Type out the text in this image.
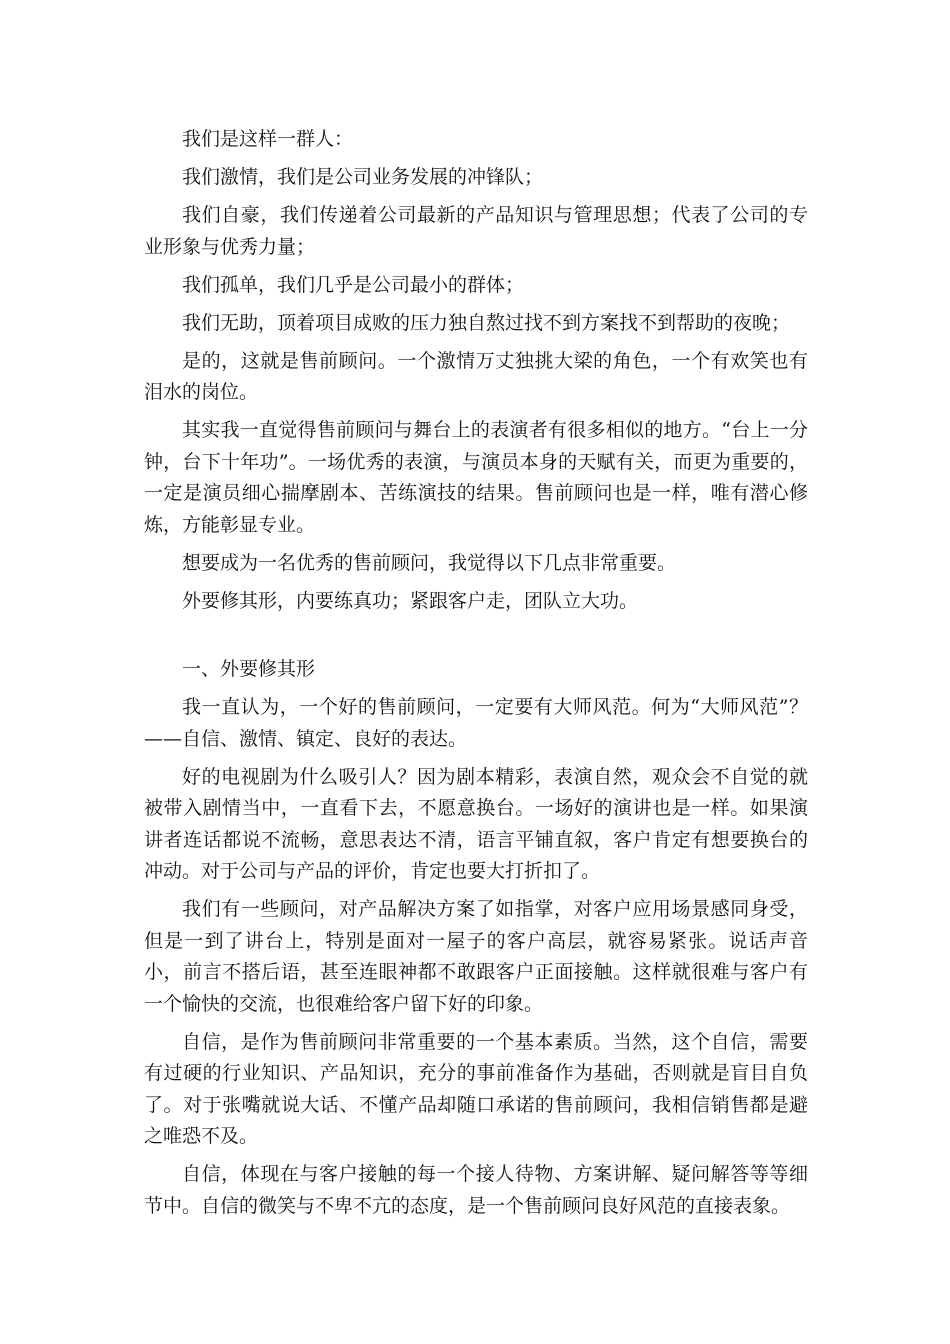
我们是这样一群人：

我们激情，我们是公司业务发展的冲锋队；

我们自豪，我们传递着公司最新的产品知识与管理思想；代表了公司的专业形象与优秀力量；

我们孤单，我们几乎是公司最小的群体；

我们无助，顶着项目成败的压力独自熬过找不到方案找不到帮助的夜晚；

是的，这就是售前顾问。一个激情万丈独挑大梁的角色，一个有欢笑也有泪水的岗位。

其实我一直觉得售前顾问与舞台上的表演者有很多相似的地方。“台上一分钟，台下十年功”。一场优秀的表演，与演员本身的天赋有关，而更为重要的，一定是演员细心揣摩剧本、苦练演技的结果。售前顾问也是一样，唯有潜心修炼，方能彰显专业。

想要成为一名优秀的售前顾问，我觉得以下几点非常重要。

外要修其形，内要练真功；紧跟客户走，团队立大功。

一、外要修其形

我一直认为，一个好的售前顾问，一定要有大师风范。何为“大师风范”？——自信、激情、镇定、良好的表达。

好的电视剧为什么吸引人？因为剧本精彩，表演自然，观众会不自觉的就被带入剧情当中，一直看下去，不愿意换台。一场好的演讲也是一样。如果演讲者连话都说不流畅，意思表达不清，语言平铺直叙，客户肯定有想要换台的冲动。对于公司与产品的评价，肯定也要大打折扣了。

我们有一些顾问，对产品解决方案了如指掌，对客户应用场景感同身受，但是一到了讲台上，特别是面对一屋子的客户高层，就容易紧张。说话声音小，前言不搭后语，甚至连眼神都不敢跟客户正面接触。这样就很难与客户有一个愉快的交流，也很难给客户留下好的印象。

自信，是作为售前顾问非常重要的一个基本素质。当然，这个自信，需要有过硬的行业知识、产品知识，充分的事前准备作为基础，否则就是盲目自负了。对于张嘴就说大话、不懂产品却随口承诺的售前顾问，我相信销售都是避之唯恐不及。

自信，体现在与客户接触的每一个接人待物、方案讲解、疑问解答等等细节中。自信的微笑与不卑不亢的态度，是一个售前顾问良好风范的直接表象。
